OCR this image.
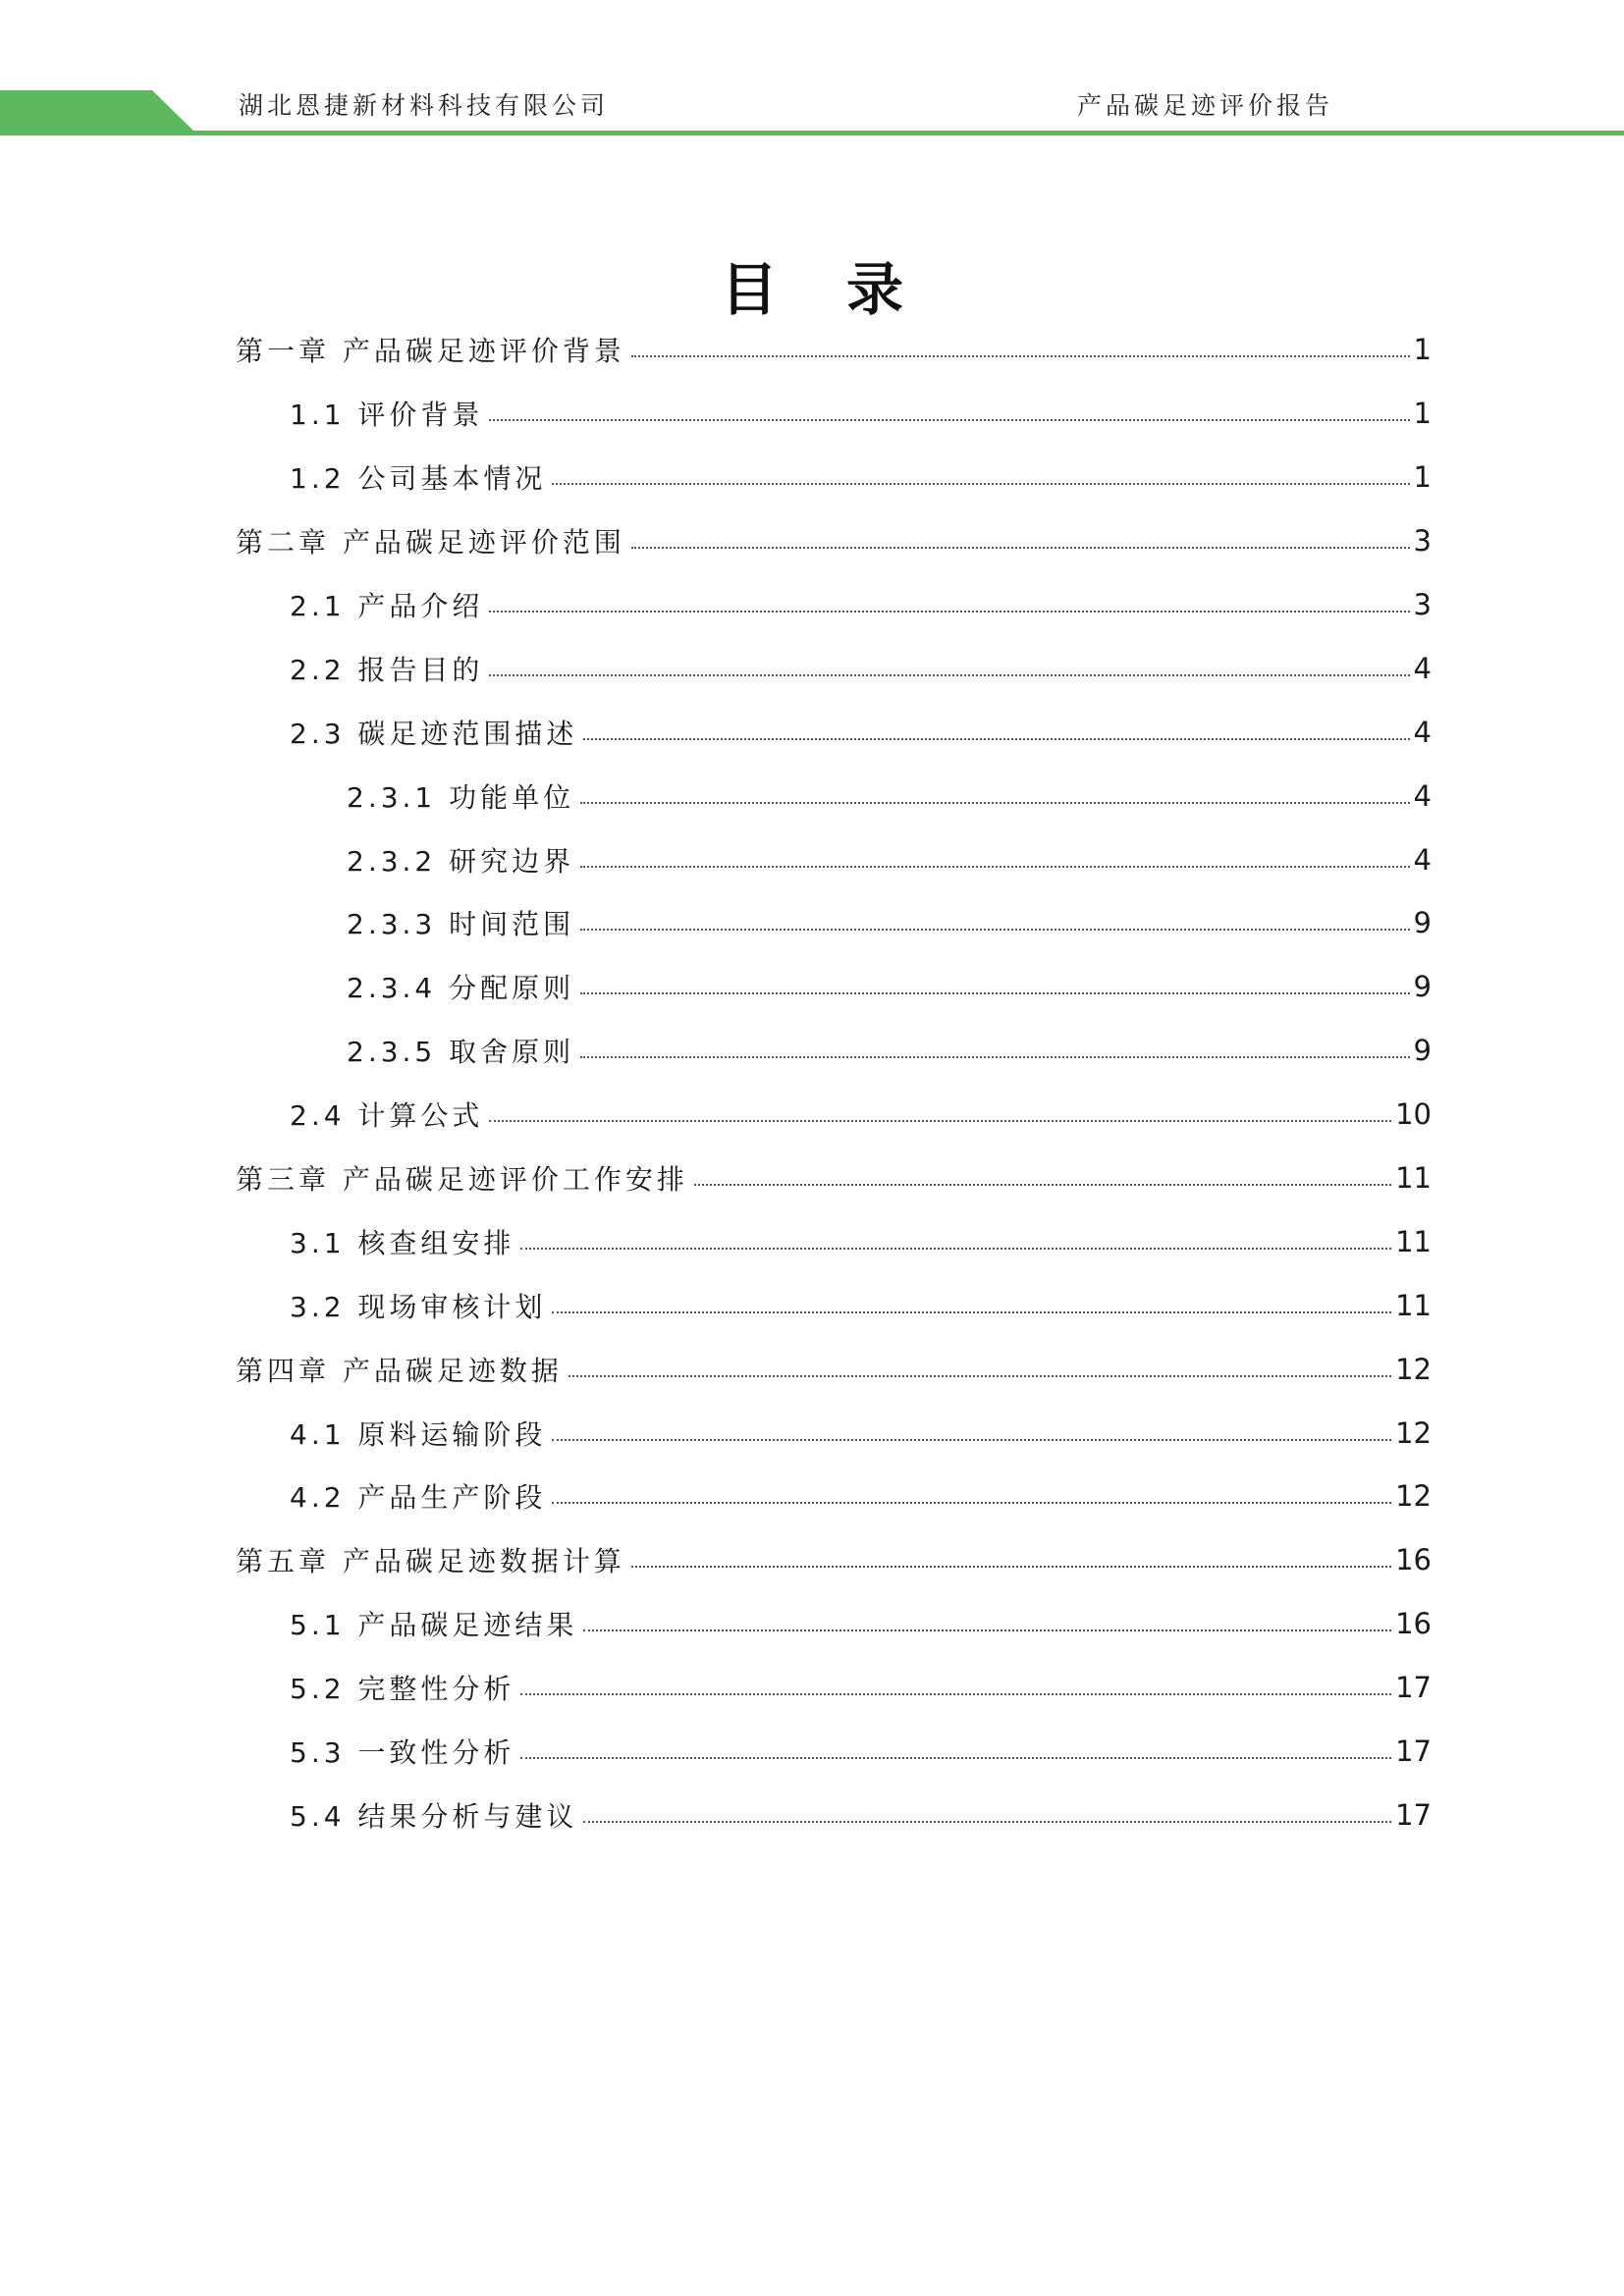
湖北恩捷新材料科技有限公司	产品碳足迹评价报告
目录
第一章 产品碳足迹评价背景	1
1.1 评价背景	1
1.2 公司基本情况	1
第二章 产品碳足迹评价范围	3
2.1 产品介绍	3
2.2 报告目的	4
2.3 碳足迹范围描述	4
2.3.1 功能单位	4
2.3.2 研究边界	4
2.3.3 时间范围	9
2.3.4 分配原则	9
2.3.5 取舍原则	9
2.4 计算公式	10
第三章 产品碳足迹评价工作安排	11
3.1 核查组安排	11
3.2 现场审核计划	11
第四章 产品碳足迹数据	12
4.1 原料运输阶段	12
4.2 产品生产阶段	12
第五章 产品碳足迹数据计算	16
5.1 产品碳足迹结果	16
5.2 完整性分析	17
5.3 一致性分析	17
5.4 结果分析与建议	17
